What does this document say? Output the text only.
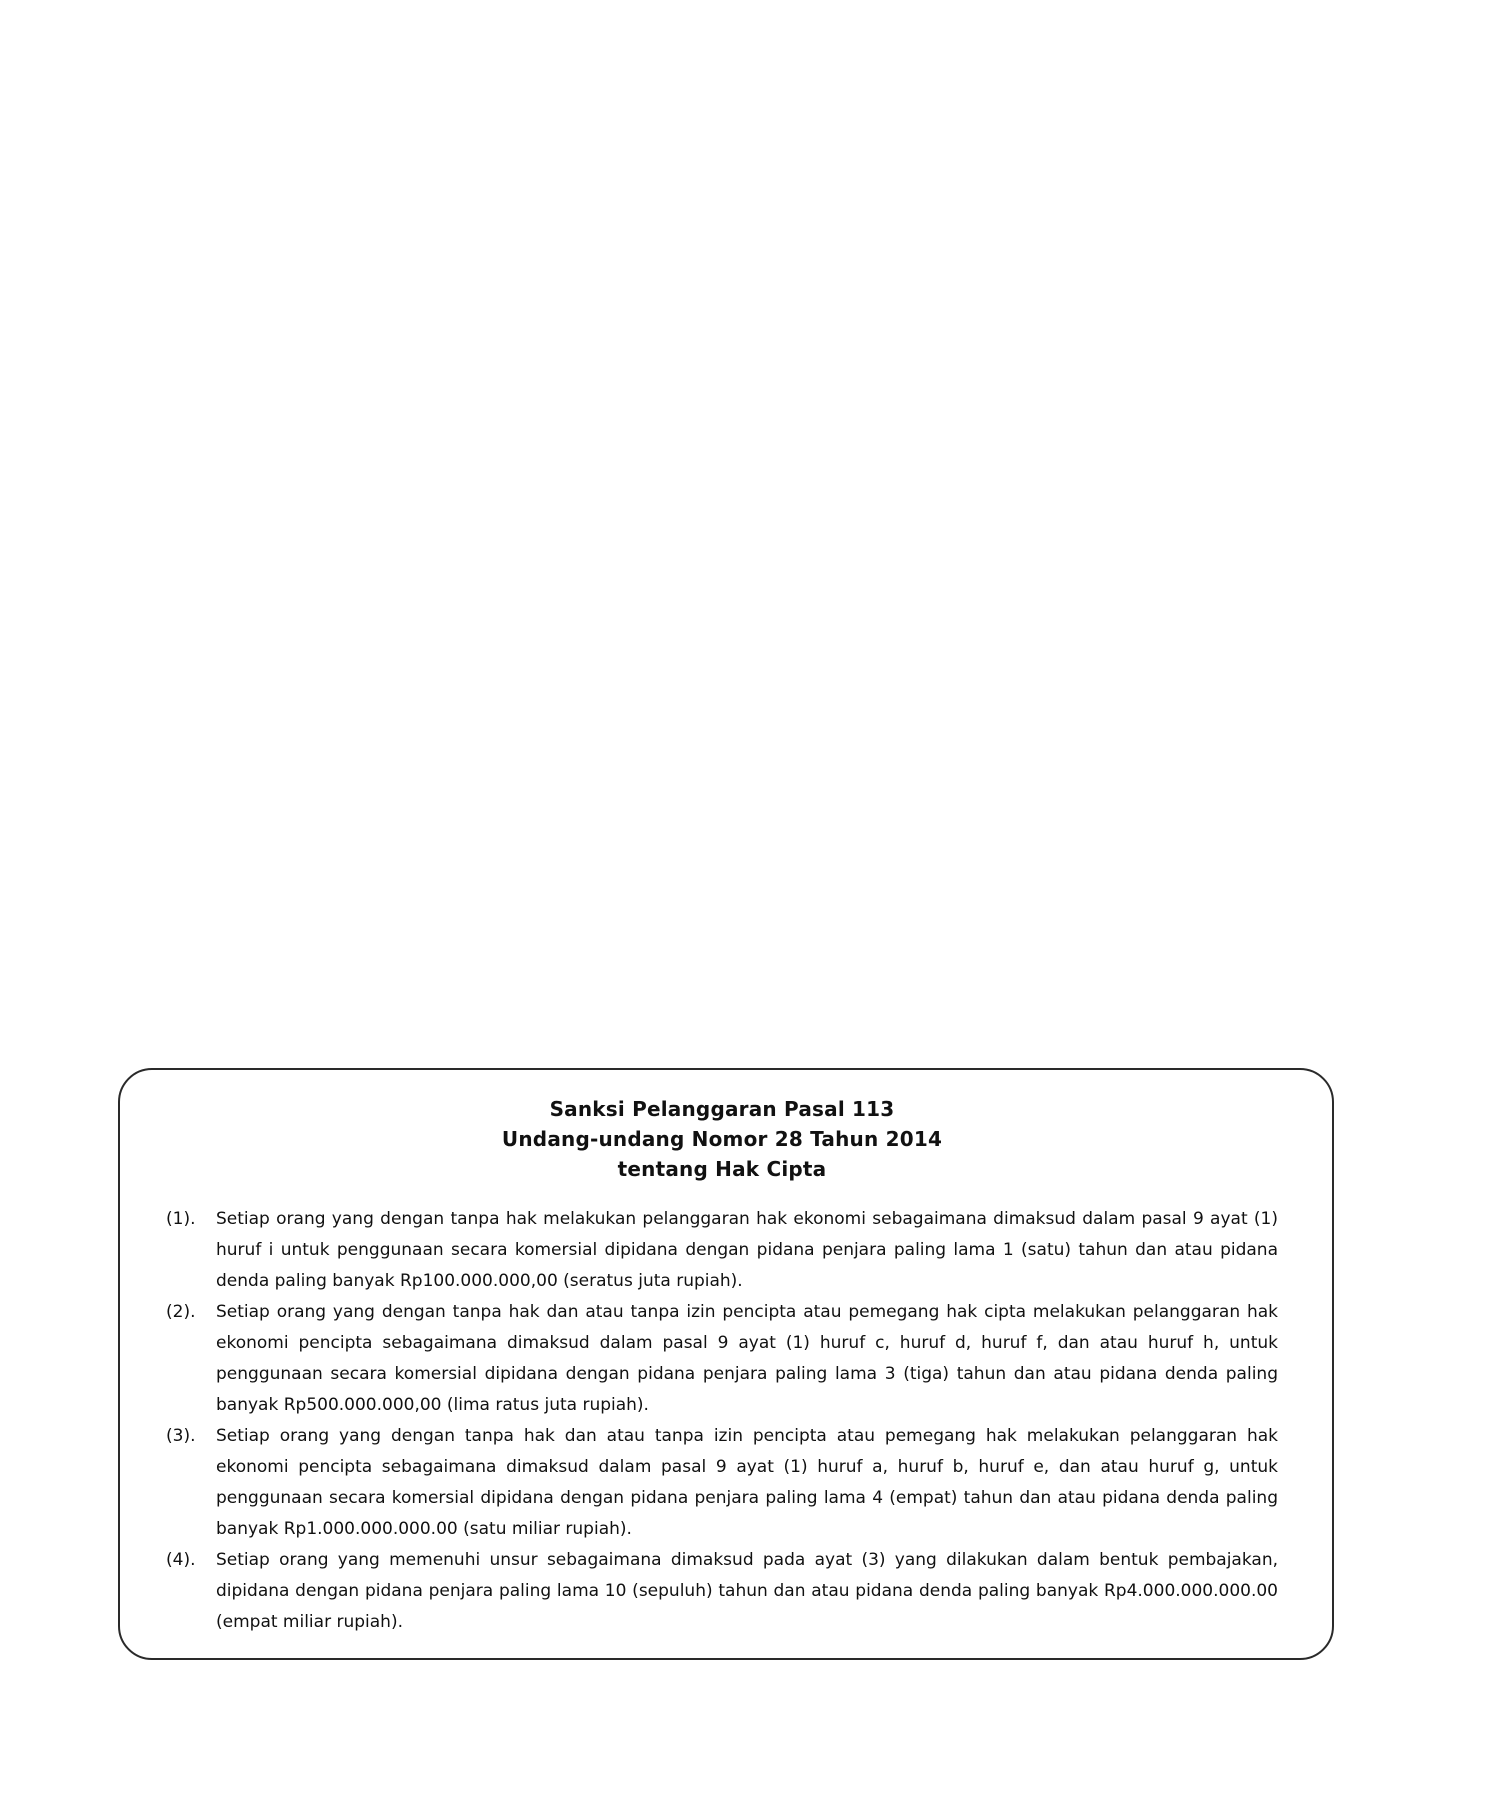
Sanksi Pelanggaran Pasal 113
Undang-undang Nomor 28 Tahun 2014
tentang Hak Cipta
(1).	Setiap orang yang dengan tanpa hak melakukan pelanggaran hak ekonomi sebagaimana dimaksud dalam pasal 9 ayat (1) huruf i untuk penggunaan secara komersial dipidana dengan pidana penjara paling lama 1 (satu) tahun dan atau pidana denda paling banyak Rp100.000.000,00 (seratus juta rupiah).
(2).	Setiap orang yang dengan tanpa hak dan atau tanpa izin pencipta atau pemegang hak cipta melakukan pelanggaran hak ekonomi pencipta sebagaimana dimaksud dalam pasal 9 ayat (1) huruf c, huruf d, huruf f, dan atau huruf h, untuk penggunaan secara komersial dipidana dengan pidana penjara paling lama 3 (tiga) tahun dan atau pidana denda paling banyak Rp500.000.000,00 (lima ratus juta rupiah).
(3).	Setiap orang yang dengan tanpa hak dan atau tanpa izin pencipta atau pemegang hak melakukan pelanggaran hak ekonomi pencipta sebagaimana dimaksud dalam pasal 9 ayat (1) huruf a, huruf b, huruf e, dan atau huruf g, untuk penggunaan secara komersial dipidana dengan pidana penjara paling lama 4 (empat) tahun dan atau pidana denda paling banyak Rp1.000.000.000.00 (satu miliar rupiah).
(4).	Setiap orang yang memenuhi unsur sebagaimana dimaksud pada ayat (3) yang dilakukan dalam bentuk pembajakan, dipidana dengan pidana penjara paling lama 10 (sepuluh) tahun dan atau pidana denda paling banyak Rp4.000.000.000.00 (empat miliar rupiah).
